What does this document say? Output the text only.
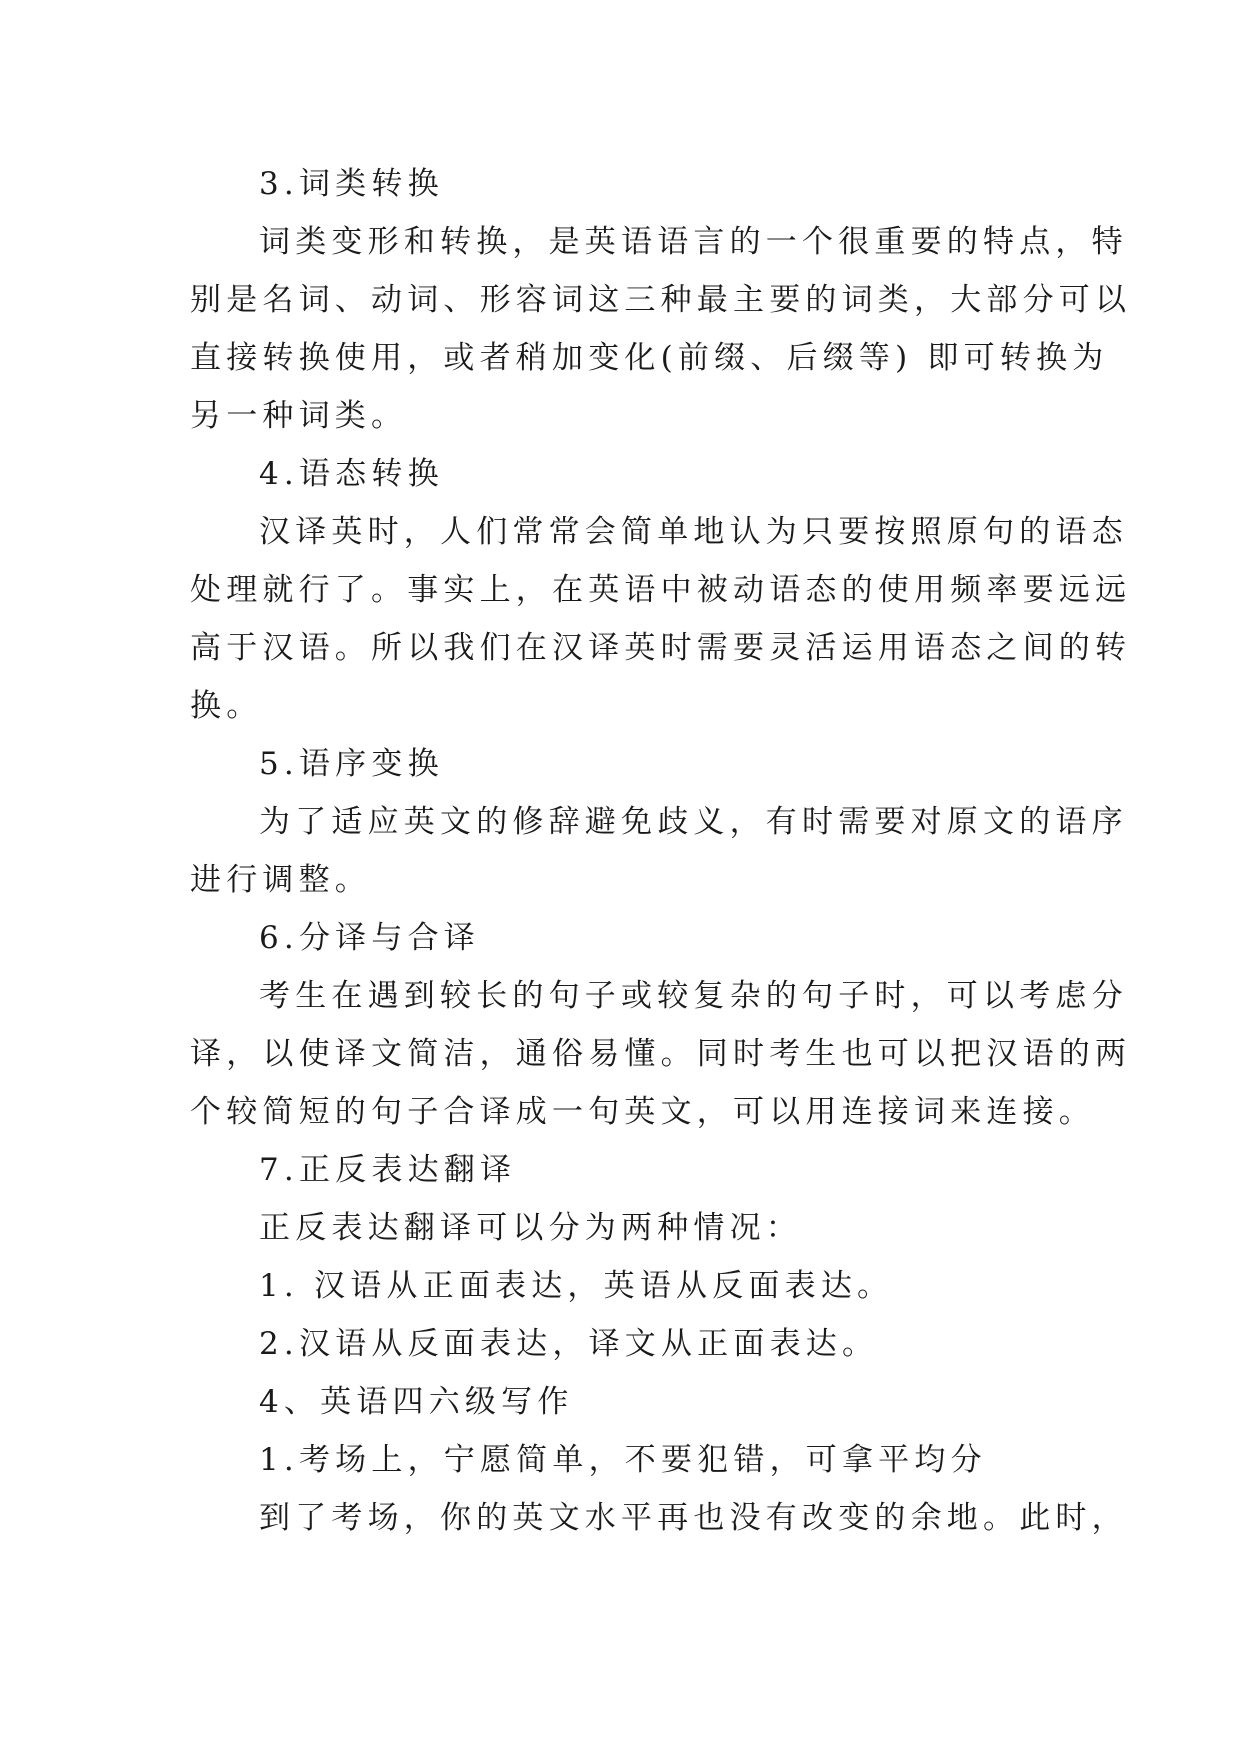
3.词类转换
词类变形和转换，是英语语言的一个很重要的特点，特
别是名词、动词、形容词这三种最主要的词类，大部分可以
直接转换使用，或者稍加变化(前缀、后缀等) 即可转换为
另一种词类。
4.语态转换
汉译英时，人们常常会简单地认为只要按照原句的语态
处理就行了。事实上，在英语中被动语态的使用频率要远远
高于汉语。所以我们在汉译英时需要灵活运用语态之间的转
换。
5.语序变换
为了适应英文的修辞避免歧义，有时需要对原文的语序
进行调整。
6.分译与合译
考生在遇到较长的句子或较复杂的句子时，可以考虑分
译，以使译文简洁，通俗易懂。同时考生也可以把汉语的两
个较简短的句子合译成一句英文，可以用连接词来连接。
7.正反表达翻译
正反表达翻译可以分为两种情况：
1. 汉语从正面表达，英语从反面表达。
2.汉语从反面表达，译文从正面表达。
4、英语四六级写作
1.考场上，宁愿简单，不要犯错，可拿平均分
到了考场，你的英文水平再也没有改变的余地。此时，
